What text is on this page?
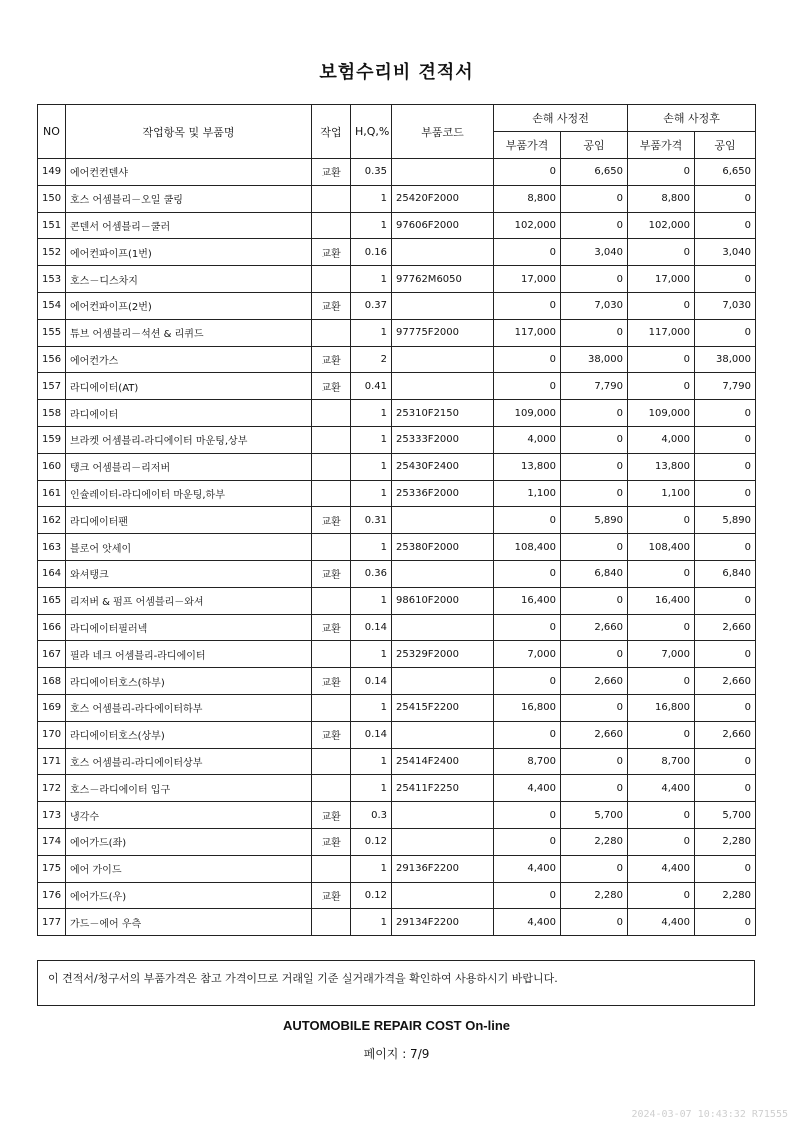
보험수리비 견적서
NO	작업항목 및 부품명	작업	H,Q,%	부품코드	손해 사정전		손해 사정후	
					부품가격	공임	부품가격	공임
149	에어컨컨덴샤	교환	0.35		0	6,650	0	6,650
150	호스 어셈블리－오일 쿨링		1	25420F2000	8,800	0	8,800	0
151	콘덴서 어셈블리－쿨러		1	97606F2000	102,000	0	102,000	0
152	에어컨파이프(1번)	교환	0.16		0	3,040	0	3,040
153	호스－디스차지		1	97762M6050	17,000	0	17,000	0
154	에어컨파이프(2번)	교환	0.37		0	7,030	0	7,030
155	튜브 어셈블리－석션 & 리퀴드		1	97775F2000	117,000	0	117,000	0
156	에어컨가스	교환	2		0	38,000	0	38,000
157	라디에이터(AT)	교환	0.41		0	7,790	0	7,790
158	라디에이터		1	25310F2150	109,000	0	109,000	0
159	브라켓 어셈블리-라디에이터 마운팅,상부		1	25333F2000	4,000	0	4,000	0
160	탱크 어셈블리－리저버		1	25430F2400	13,800	0	13,800	0
161	인슐레이터-라디에이터 마운팅,하부		1	25336F2000	1,100	0	1,100	0
162	라디에이터팬	교환	0.31		0	5,890	0	5,890
163	블로어 앗세이		1	25380F2000	108,400	0	108,400	0
164	와셔탱크	교환	0.36		0	6,840	0	6,840
165	리저버 & 펌프 어셈블리－와셔		1	98610F2000	16,400	0	16,400	0
166	라디에이터필러넥	교환	0.14		0	2,660	0	2,660
167	필라 네크 어셈블리-라디에이터		1	25329F2000	7,000	0	7,000	0
168	라디에이터호스(하부)	교환	0.14		0	2,660	0	2,660
169	호스 어셈블리-라다에이터하부		1	25415F2200	16,800	0	16,800	0
170	라디에이터호스(상부)	교환	0.14		0	2,660	0	2,660
171	호스 어셈블리-라디에이터상부		1	25414F2400	8,700	0	8,700	0
172	호스－라디에이터 입구		1	25411F2250	4,400	0	4,400	0
173	냉각수	교환	0.3		0	5,700	0	5,700
174	에어가드(좌)	교환	0.12		0	2,280	0	2,280
175	에어 가이드		1	29136F2200	4,400	0	4,400	0
176	에어가드(우)	교환	0.12		0	2,280	0	2,280
177	가드－에어 우측		1	29134F2200	4,400	0	4,400	0
이 견적서/청구서의 부품가격은 참고 가격이므로 거래일 기준 실거래가격을 확인하여 사용하시기 바랍니다.
AUTOMOBILE REPAIR COST On-line
페이지 : 7/9
2024-03-07 10:43:32 R71555
